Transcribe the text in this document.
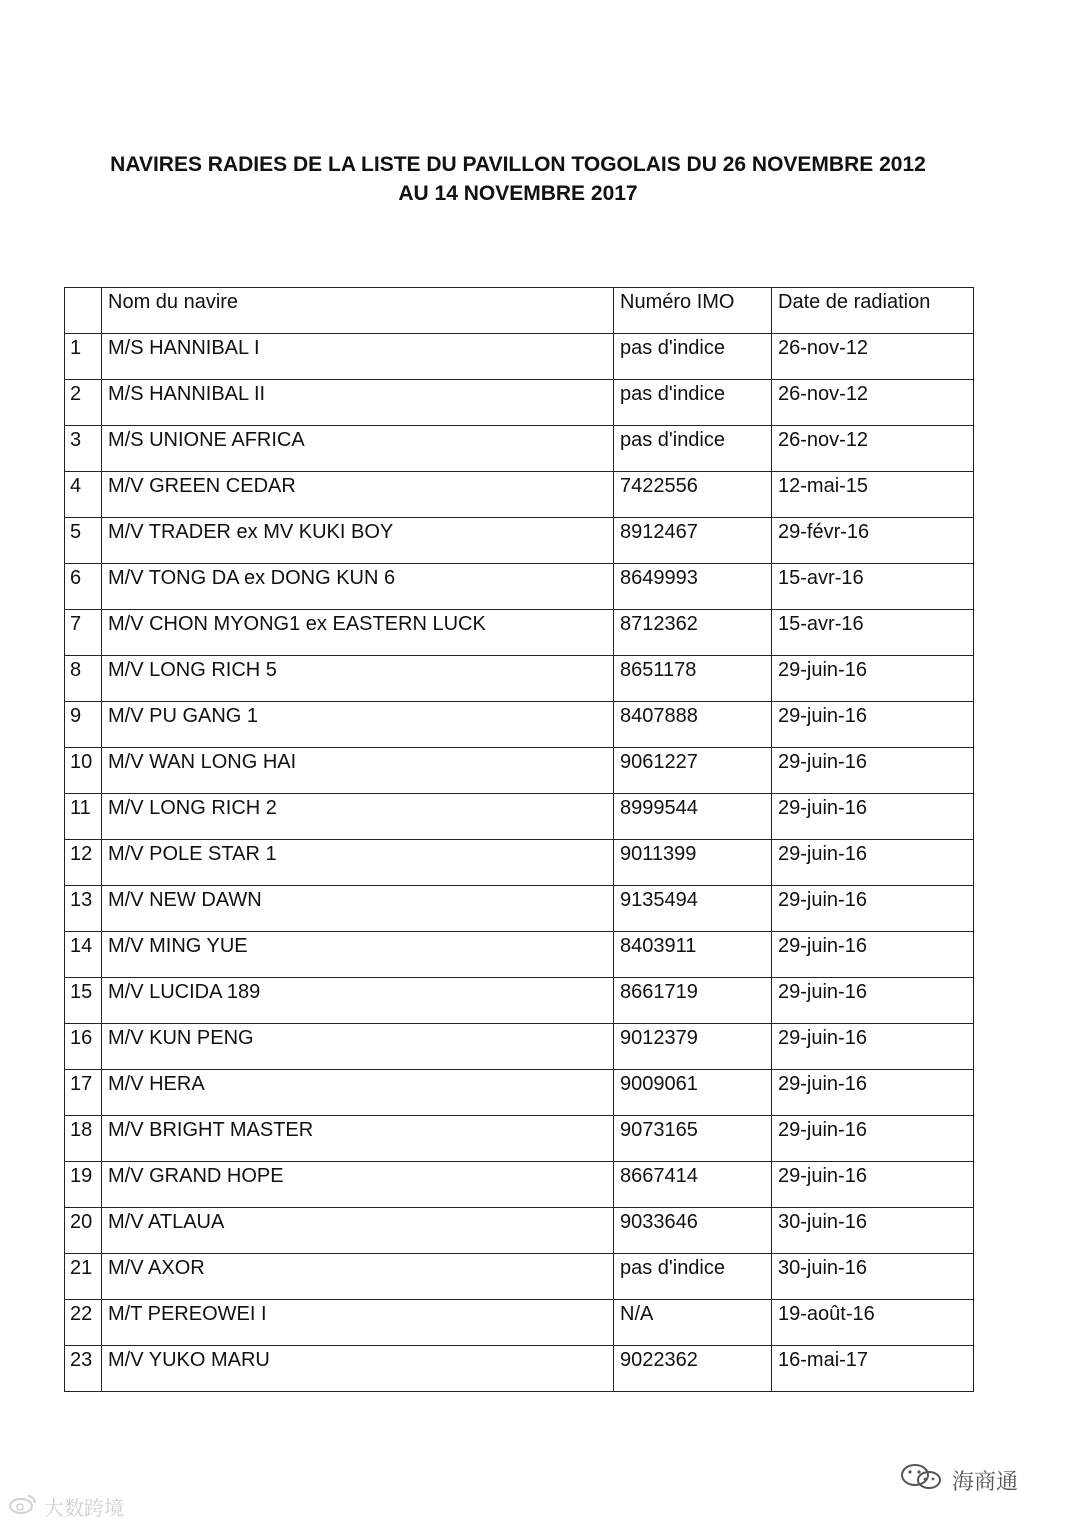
NAVIRES RADIES DE LA LISTE DU PAVILLON TOGOLAIS DU 26 NOVEMBRE 2012
AU 14 NOVEMBRE 2017
	Nom du navire	Numéro IMO	Date de radiation
1	M/S HANNIBAL I	pas d'indice	26-nov-12
2	M/S HANNIBAL II	pas d'indice	26-nov-12
3	M/S UNIONE AFRICA	pas d'indice	26-nov-12
4	M/V GREEN CEDAR	7422556	12-mai-15
5	M/V TRADER ex MV KUKI BOY	8912467	29-févr-16
6	M/V TONG DA ex DONG KUN 6	8649993	15-avr-16
7	M/V CHON MYONG1 ex EASTERN LUCK	8712362	15-avr-16
8	M/V LONG RICH 5	8651178	29-juin-16
9	M/V PU GANG 1	8407888	29-juin-16
10	M/V WAN LONG HAI	9061227	29-juin-16
11	M/V LONG RICH 2	8999544	29-juin-16
12	M/V POLE STAR 1	9011399	29-juin-16
13	M/V NEW DAWN	9135494	29-juin-16
14	M/V MING YUE	8403911	29-juin-16
15	M/V LUCIDA 189	8661719	29-juin-16
16	M/V KUN PENG	9012379	29-juin-16
17	M/V HERA	9009061	29-juin-16
18	M/V BRIGHT MASTER	9073165	29-juin-16
19	M/V GRAND HOPE	8667414	29-juin-16
20	M/V ATLAUA	9033646	30-juin-16
21	M/V AXOR	pas d'indice	30-juin-16
22	M/T PEREOWEI I	N/A	19-août-16
23	M/V YUKO MARU	9022362	16-mai-17
大数跨境
海商通
